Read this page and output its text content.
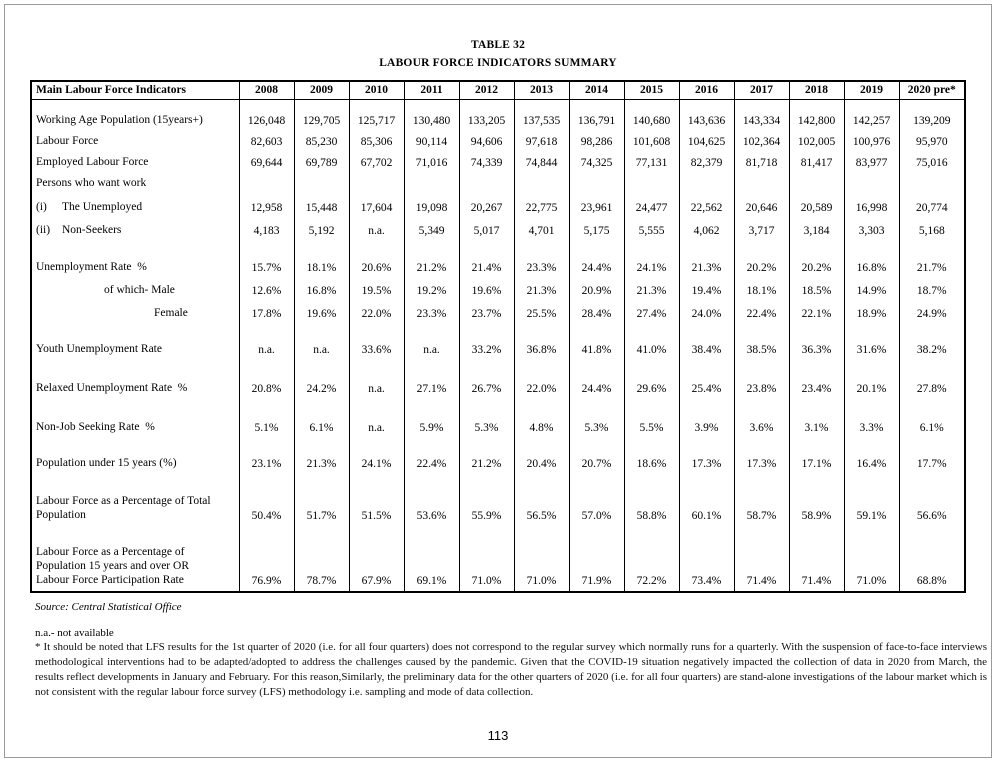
TABLE 32
LABOUR FORCE INDICATORS SUMMARY
Main Labour Force Indicators	2008	2009	2010	2011	2012	2013	2014	2015	2016	2017	2018	2019	2020 pre*

Working Age Population (15years+)	126,048	129,705	125,717	130,480	133,205	137,535	136,791	140,680	143,636	143,334	142,800	142,257	139,209
Labour Force	82,603	85,230	85,306	90,114	94,606	97,618	98,286	101,608	104,625	102,364	102,005	100,976	95,970
Employed Labour Force	69,644	69,789	67,702	71,016	74,339	74,844	74,325	77,131	82,379	81,718	81,417	83,977	75,016
Persons who want work													
(i) The Unemployed	12,958	15,448	17,604	19,098	20,267	22,775	23,961	24,477	22,562	20,646	20,589	16,998	20,774
(ii) Non-Seekers	4,183	5,192	n.a.	5,349	5,017	4,701	5,175	5,555	4,062	3,717	3,184	3,303	5,168

Unemployment Rate  %	15.7%	18.1%	20.6%	21.2%	21.4%	23.3%	24.4%	24.1%	21.3%	20.2%	20.2%	16.8%	21.7%
of which- Male	12.6%	16.8%	19.5%	19.2%	19.6%	21.3%	20.9%	21.3%	19.4%	18.1%	18.5%	14.9%	18.7%
Female	17.8%	19.6%	22.0%	23.3%	23.7%	25.5%	28.4%	27.4%	24.0%	22.4%	22.1%	18.9%	24.9%

Youth Unemployment Rate	n.a.	n.a.	33.6%	n.a.	33.2%	36.8%	41.8%	41.0%	38.4%	38.5%	36.3%	31.6%	38.2%

Relaxed Unemployment Rate  %	20.8%	24.2%	n.a.	27.1%	26.7%	22.0%	24.4%	29.6%	25.4%	23.8%	23.4%	20.1%	27.8%

Non-Job Seeking Rate  %	5.1%	6.1%	n.a.	5.9%	5.3%	4.8%	5.3%	5.5%	3.9%	3.6%	3.1%	3.3%	6.1%

Population under 15 years (%)	23.1%	21.3%	24.1%	22.4%	21.2%	20.4%	20.7%	18.6%	17.3%	17.3%	17.1%	16.4%	17.7%

Labour Force as a Percentage of Total
Population	50.4%	51.7%	51.5%	53.6%	55.9%	56.5%	57.0%	58.8%	60.1%	58.7%	58.9%	59.1%	56.6%

Labour Force as a Percentage of
Population 15 years and over OR
Labour Force Participation Rate	76.9%	78.7%	67.9%	69.1%	71.0%	71.0%	71.9%	72.2%	73.4%	71.4%	71.4%	71.0%	68.8%
Source: Central Statistical Office
n.a.- not available
* It should be noted that LFS results for the 1st quarter of 2020 (i.e. for all four quarters) does not correspond to the regular survey which normally runs for a quarterly. With the suspension of face-to-face interviews methodological interventions had to be adapted/adopted to address the challenges caused by the pandemic. Given that the COVID-19 situation negatively impacted the collection of data in 2020 from March, the results reflect developments in January and February. For this reason,Similarly, the preliminary data for the other quarters of 2020 (i.e. for all four quarters) are stand-alone investigations of the labour market which is not consistent with the regular labour force survey (LFS) methodology i.e. sampling and mode of data collection.
113
